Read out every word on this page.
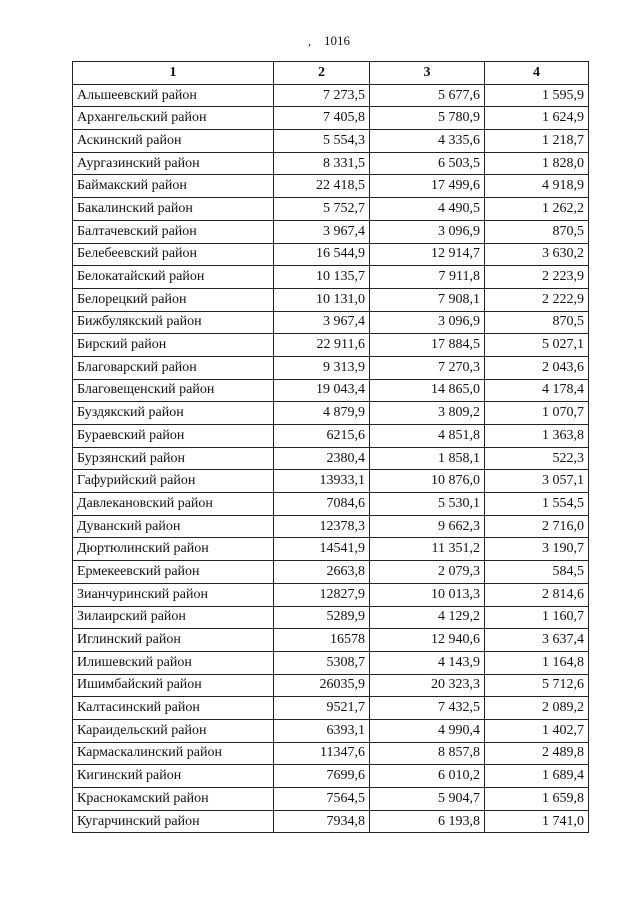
, 1016
1	2	3	4
Альшеевский район	7 273,5	5 677,6	1 595,9
Архангельский район	7 405,8	5 780,9	1 624,9
Аскинский район	5 554,3	4 335,6	1 218,7
Аургазинский район	8 331,5	6 503,5	1 828,0
Баймакский район	22 418,5	17 499,6	4 918,9
Бакалинский район	5 752,7	4 490,5	1 262,2
Балтачевский район	3 967,4	3 096,9	870,5
Белебеевский район	16 544,9	12 914,7	3 630,2
Белокатайский район	10 135,7	7 911,8	2 223,9
Белорецкий район	10 131,0	7 908,1	2 222,9
Бижбулякский район	3 967,4	3 096,9	870,5
Бирский район	22 911,6	17 884,5	5 027,1
Благоварский район	9 313,9	7 270,3	2 043,6
Благовещенский район	19 043,4	14 865,0	4 178,4
Буздякский район	4 879,9	3 809,2	1 070,7
Бураевский район	6215,6	4 851,8	1 363,8
Бурзянский район	2380,4	1 858,1	522,3
Гафурийский район	13933,1	10 876,0	3 057,1
Давлекановский район	7084,6	5 530,1	1 554,5
Дуванский район	12378,3	9 662,3	2 716,0
Дюртюлинский район	14541,9	11 351,2	3 190,7
Ермекеевский район	2663,8	2 079,3	584,5
Зианчуринский район	12827,9	10 013,3	2 814,6
Зилаирский район	5289,9	4 129,2	1 160,7
Иглинский район	16578	12 940,6	3 637,4
Илишевский район	5308,7	4 143,9	1 164,8
Ишимбайский район	26035,9	20 323,3	5 712,6
Калтасинский район	9521,7	7 432,5	2 089,2
Караидельский район	6393,1	4 990,4	1 402,7
Кармаскалинский район	11347,6	8 857,8	2 489,8
Кигинский район	7699,6	6 010,2	1 689,4
Краснокамский район	7564,5	5 904,7	1 659,8
Кугарчинский район	7934,8	6 193,8	1 741,0
